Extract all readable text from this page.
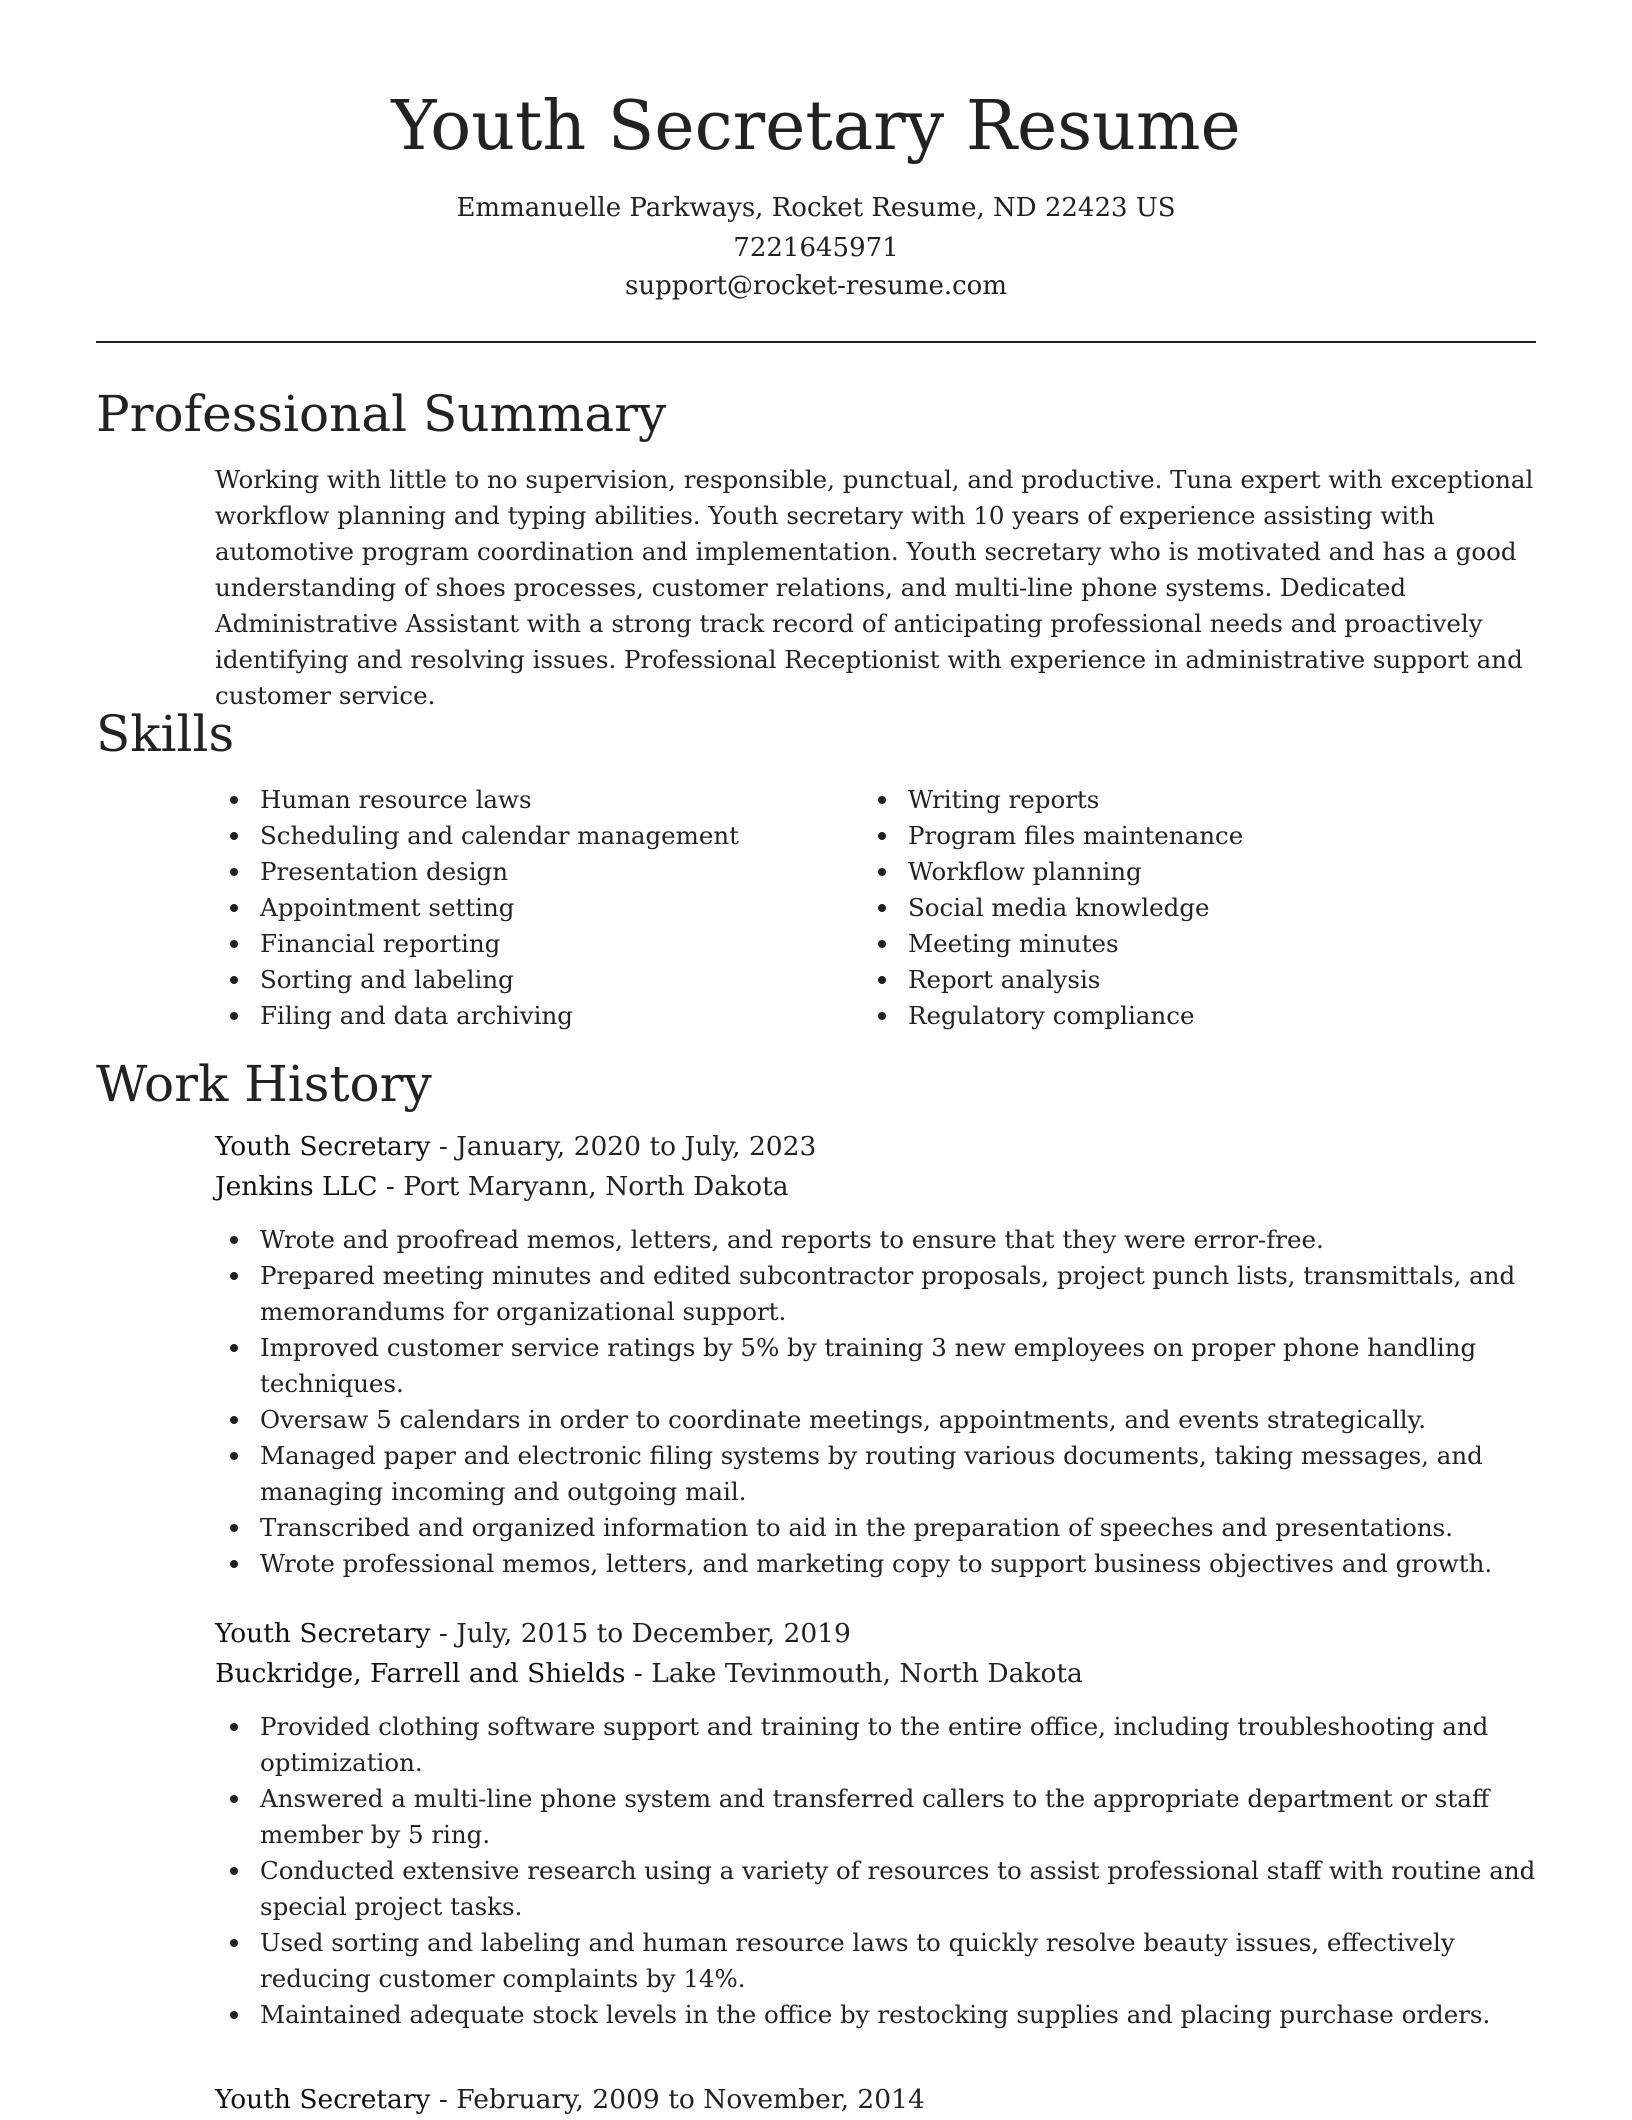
Youth Secretary Resume
Emmanuelle Parkways, Rocket Resume, ND 22423 US
7221645971
support@rocket-resume.com
Professional Summary

Working with little to no supervision, responsible, punctual, and productive. Tuna expert with exceptional workflow planning and typing abilities. Youth secretary with 10 years of experience assisting with automotive program coordination and implementation. Youth secretary who is motivated and has a good understanding of shoes processes, customer relations, and multi-line phone systems. Dedicated Administrative Assistant with a strong track record of anticipating professional needs and proactively identifying and resolving issues. Professional Receptionist with experience in administrative support and customer service.

Skills
Human resource laws
Scheduling and calendar management
Presentation design
Appointment setting
Financial reporting
Sorting and labeling
Filing and data archiving
Writing reports
Program files maintenance
Workflow planning
Social media knowledge
Meeting minutes
Report analysis
Regulatory compliance
Work History
Youth Secretary - January, 2020 to July, 2023
Jenkins LLC - Port Maryann, North Dakota
Wrote and proofread memos, letters, and reports to ensure that they were error-free.
Prepared meeting minutes and edited subcontractor proposals, project punch lists, transmittals, and memorandums for organizational support.
Improved customer service ratings by 5% by training 3 new employees on proper phone handling techniques.
Oversaw 5 calendars in order to coordinate meetings, appointments, and events strategically.
Managed paper and electronic filing systems by routing various documents, taking messages, and managing incoming and outgoing mail.
Transcribed and organized information to aid in the preparation of speeches and presentations.
Wrote professional memos, letters, and marketing copy to support business objectives and growth.
Youth Secretary - July, 2015 to December, 2019
Buckridge, Farrell and Shields - Lake Tevinmouth, North Dakota
Provided clothing software support and training to the entire office, including troubleshooting and optimization.
Answered a multi-line phone system and transferred callers to the appropriate department or staff member by 5 ring.
Conducted extensive research using a variety of resources to assist professional staff with routine and special project tasks.
Used sorting and labeling and human resource laws to quickly resolve beauty issues, effectively reducing customer complaints by 14%.
Maintained adequate stock levels in the office by restocking supplies and placing purchase orders.
Youth Secretary - February, 2009 to November, 2014
